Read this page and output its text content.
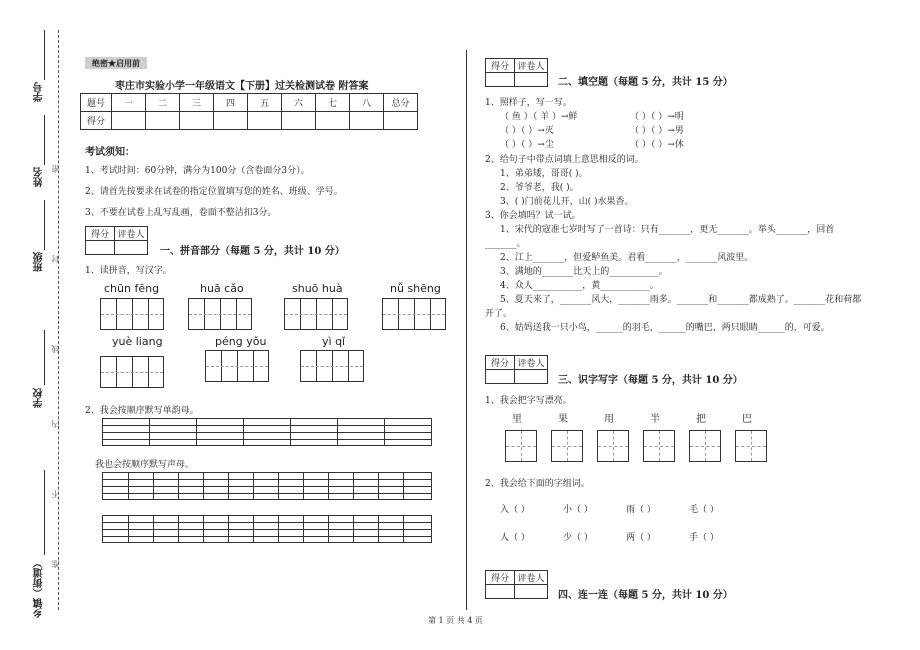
学号
姓名
班级
学校
乡镇（街道）
密
封
线
内
不
准
绝密★启用前
枣庄市实验小学一年级语文【下册】过关检测试卷 附答案
题号	一	二	三	四	五	六	七	八	总分
得分									
考试须知：
1、考试时间：60分钟，满分为100分（含卷面分3分）。
2、请首先按要求在试卷的指定位置填写您的姓名、班级、学号。
3、不要在试卷上乱写乱画，卷面不整洁扣3分。
得分	评卷人

一、拼音部分（每题 5 分，共计 10 分）
1、读拼音，写汉字。
chūn fēng	huā cǎo	shuō huà	nǚ shēng
yuè liang	péng yǒu	yì qǐ
2、我会按顺序默写单韵母。
我也会按顺序默写声母。
得分	评卷人

二、填空题（每题 5 分，共计 15 分）
1、照样子，写一写。
（ 鱼 ）（ 羊 ）→鲜
（ ）（ ）→灭
（ ）（ ）→尘
（ ）（ ）→明
（ ）（ ）→男
（ ）（ ）→休
2、给句子中带点词填上意思相反的词。
1、弟弟矮，哥哥( )。
2、爷爷老，我( )。
3、( )门前花儿开，山( )水果香。
3、你会填吗？试一试。
1、宋代的寇准七岁时写了一首诗：只有_______，更无_______。举头_______，回首
_______。
2、江上_______，但爱鲈鱼美。君看_______，_______风波里。
3、满地的_______比天上的___________。
4、众人___________，黄___________。
5、夏天来了，_______风大，_______雨多。_______和_______都成熟了。_______花和荷都
开了。
6、姑妈送我一只小鸟，______的羽毛，______的嘴巴，两只眼睛______的，可爱。
得分	评卷人

三、识字写字（每题 5 分，共计 10 分）
1、我会把字写漂亮。
里	果	用	半	把	巴
2、我会给下面的字组词。
入（ ）	小（ ）	雨（ ）	毛（ ）
人（ ）	少（ ）	两（ ）	手（ ）
得分	评卷人

四、连一连（每题 5 分，共计 10 分）
第 1 页 共 4 页
